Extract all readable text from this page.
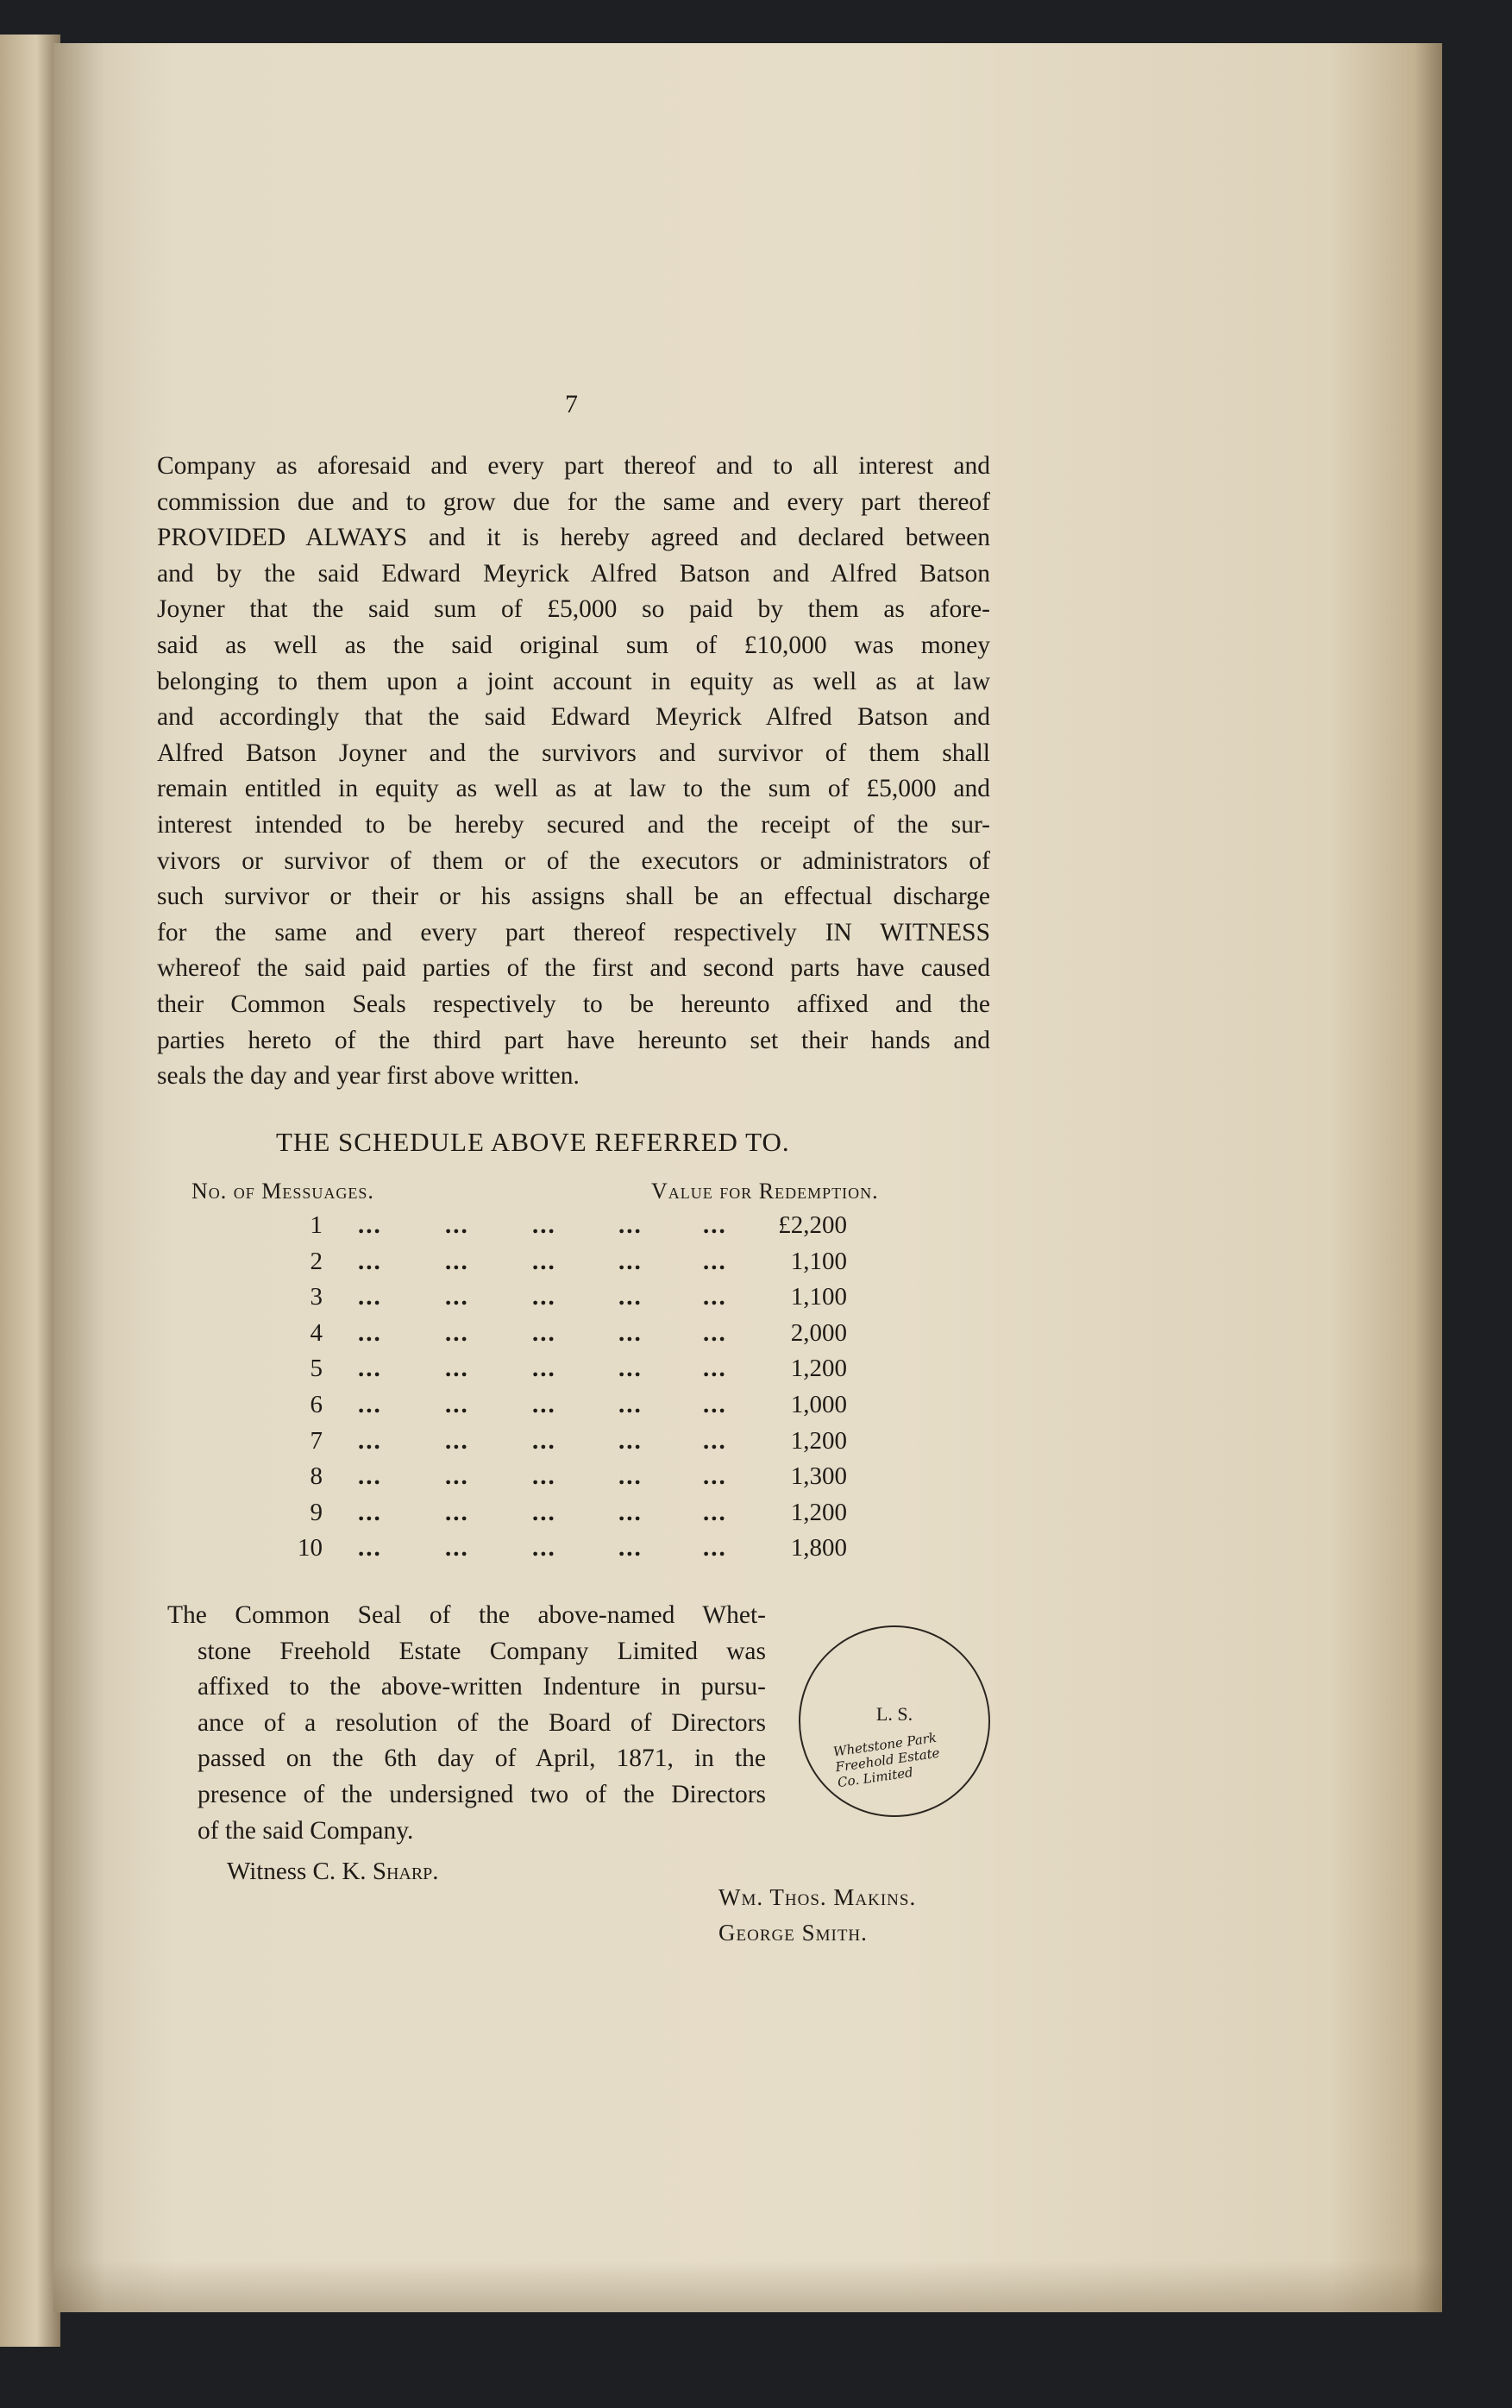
7
Company as aforesaid and every part thereof and to all interest and
commission due and to grow due for the same and every part thereof
PROVIDED ALWAYS and it is hereby agreed and declared between
and by the said Edward Meyrick Alfred Batson and Alfred Batson
Joyner that the said sum of £5,000 so paid by them as afore-
said as well as the said original sum of £10,000 was money
belonging to them upon a joint account in equity as well as at law
and accordingly that the said Edward Meyrick Alfred Batson and
Alfred Batson Joyner and the survivors and survivor of them shall
remain entitled in equity as well as at law to the sum of £5,000 and
interest intended to be hereby secured and the receipt of the sur-
vivors or survivor of them or of the executors or administrators of
such survivor or their or his assigns shall be an effectual discharge
for the same and every part thereof respectively IN WITNESS
whereof the said paid parties of the first and second parts have caused
their Common Seals respectively to be hereunto affixed and the
parties hereto of the third part have hereunto set their hands and
seals the day and year first above written.
THE SCHEDULE ABOVE REFERRED TO.
No. of Messuages.	Value for Redemption.
1 ...	...	... ... ...	£2,200
2 ...	...	... ... ...	1,100
3 ...	...	... ... ...	1,100
4 ...	...	... ... ...	2,000
5 ...	...	... ... ...	1,200
6 ...	...	... ... ...	1,000
7 ...	...	... ... ...	1,200
8 ...	...	... ... ...	1,300
9 ...	...	... ... ...	1,200
10 ...	...	... ... ...	1,800
The Common Seal of the above-named Whet-
stone Freehold Estate Company Limited was
affixed to the above-written Indenture in pursu-
ance of a resolution of the Board of Directors
passed on the 6th day of April, 1871, in the
presence of the undersigned two of the Directors
of the said Company.
L. S.
Whetstone Park Freehold Estate Co. Limited
Witness C. K. Sharp.
Wm. Thos. Makins.
George Smith.
